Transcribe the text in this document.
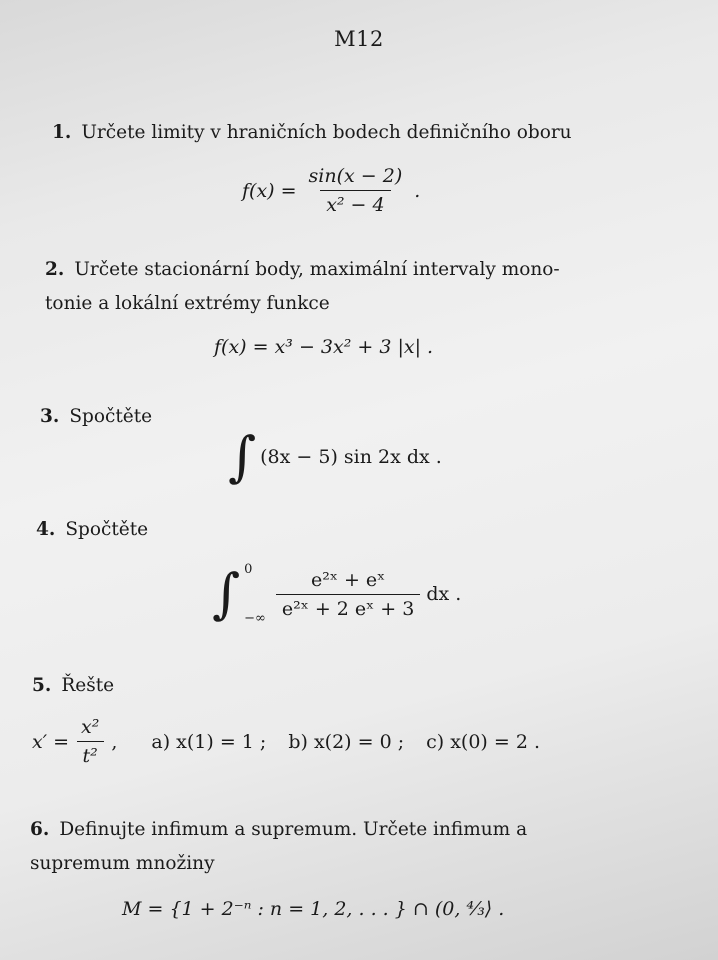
M12
1. Určete limity v hraničních bodech definičního oboru
$f(x) = \frac{\sin(x - 2)}{\text{x² − 4}}$ .
2. Určete stacionární body, maximální intervaly mono-
tonie a lokální extrémy funkce
f(x) = x³ − 3x² + 3 |x| .
3. Spočtěte
∫ (8x − 5) sin 2x dx .
4. Spočtěte
∫ 0
−∞ $\frac{\text{e²ˣ + eˣ}}{\text{e²ˣ + 2 eˣ + 3}}$ dx .
5. Řešte
$x' = \frac{\text{x²}}{\text{t²}}$ , a) x(1) = 1 ; b) x(2) = 0 ; c) x(0) = 2 .
6. Definujte infimum a supremum. Určete infimum a
supremum množiny
M = {1 + 2⁻ⁿ : n = 1, 2, . . . } ∩ (0, ⁴⁄₃⟩ .
